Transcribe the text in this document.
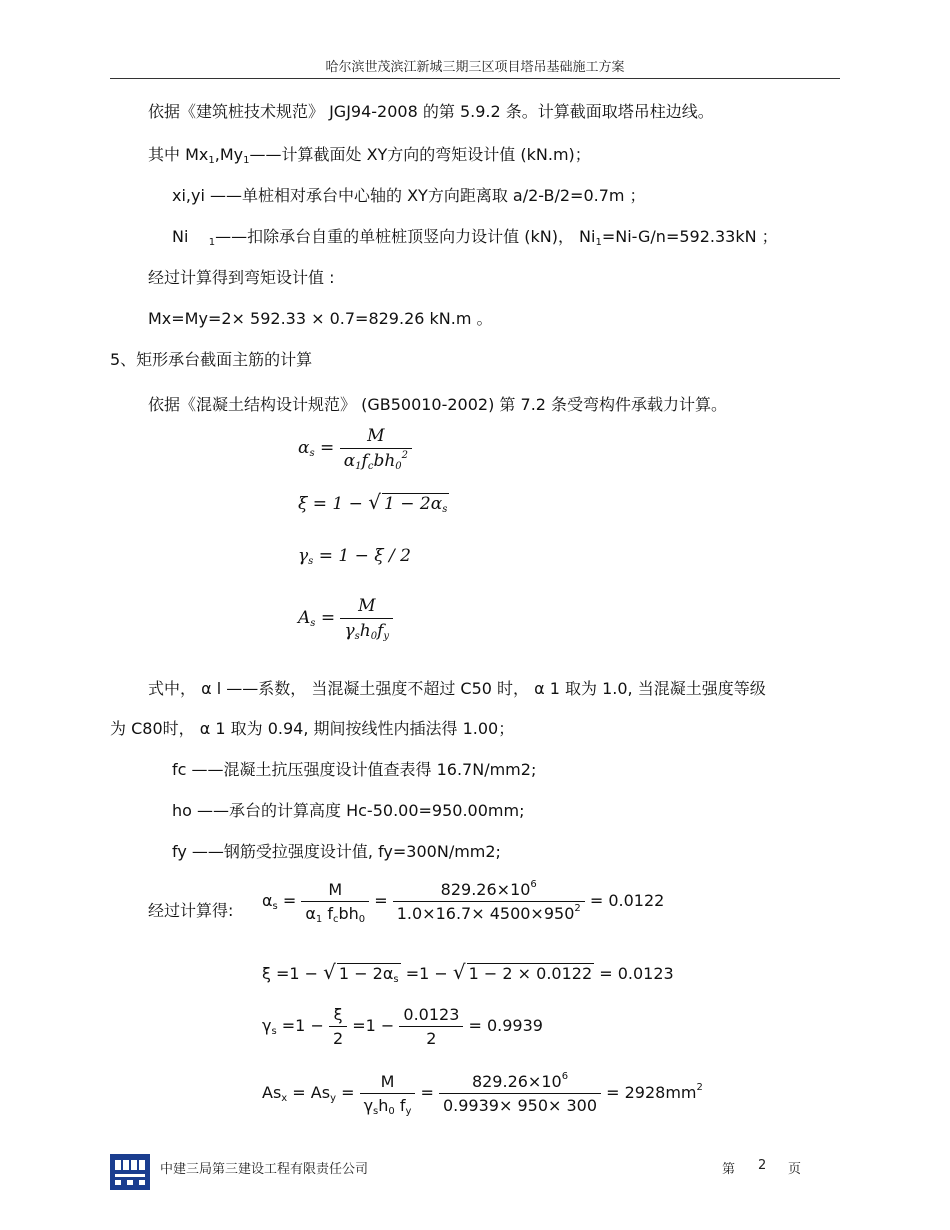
哈尔滨世茂滨江新城三期三区项目塔吊基础施工方案
依据《建筑桩技术规范》 JGJ94-2008 的第 5.9.2 条。计算截面取塔吊柱边线。
其中 Mx1,My1——计算截面处 XY方向的弯矩设计值 (kN.m)；
xi,yi ——单桩相对承台中心轴的 XY方向距离取 a/2-B/2=0.7m ；
Ni 1——扣除承台自重的单桩桩顶竖向力设计值 (kN)， Ni1=Ni-G/n=592.33kN ；
经过计算得到弯矩设计值 :
Mx=My=2× 592.33 × 0.7=829.26 kN.m 。
5、矩形承台截面主筋的计算
依据《混凝土结构设计规范》 (GB50010-2002) 第 7.2 条受弯构件承载力计算。
$\alpha s = \frac{M}{\alpha 1fcbh0^2}$
ξ = 1 − √ 1 − 2αs
γs = 1 − ξ / 2
$As = \frac{M}{\text{γsh0fy}}$
式中， α l ——系数， 当混凝土强度不超过 C50 时， α 1 取为 1.0, 当混凝土强度等级
为 C80时， α 1 取为 0.94, 期间按线性内插法得 1.00；
fc ——混凝土抗压强度设计值查表得 16.7N/mm2;
ho ——承台的计算高度 Hc-50.00=950.00mm;
fy ——钢筋受拉强度设计值, fy=300N/mm2;
经过计算得:
$\alpha s = \frac{M}{\text{α1 fcbh0}} = \frac{829.26\times 10^6}{1.0\times 16.7\times 4500\times 950^2} = 0.0122$
ξ =1 − √ 1 − 2αs =1 − √ 1 − 2 × 0.0122 = 0.0123
$\gamma s =1 - \frac{\xi}{2} =1 - \frac{0.0123}{2} = 0.9939$
Asx = Asy = $\frac{M}{\text{γsh0 fy}} = \frac{829.26\times 10^6}{0.9939\times 950\times 300} = 2928mm^2$
中建三局第三建设工程有限责任公司	第 2 页
